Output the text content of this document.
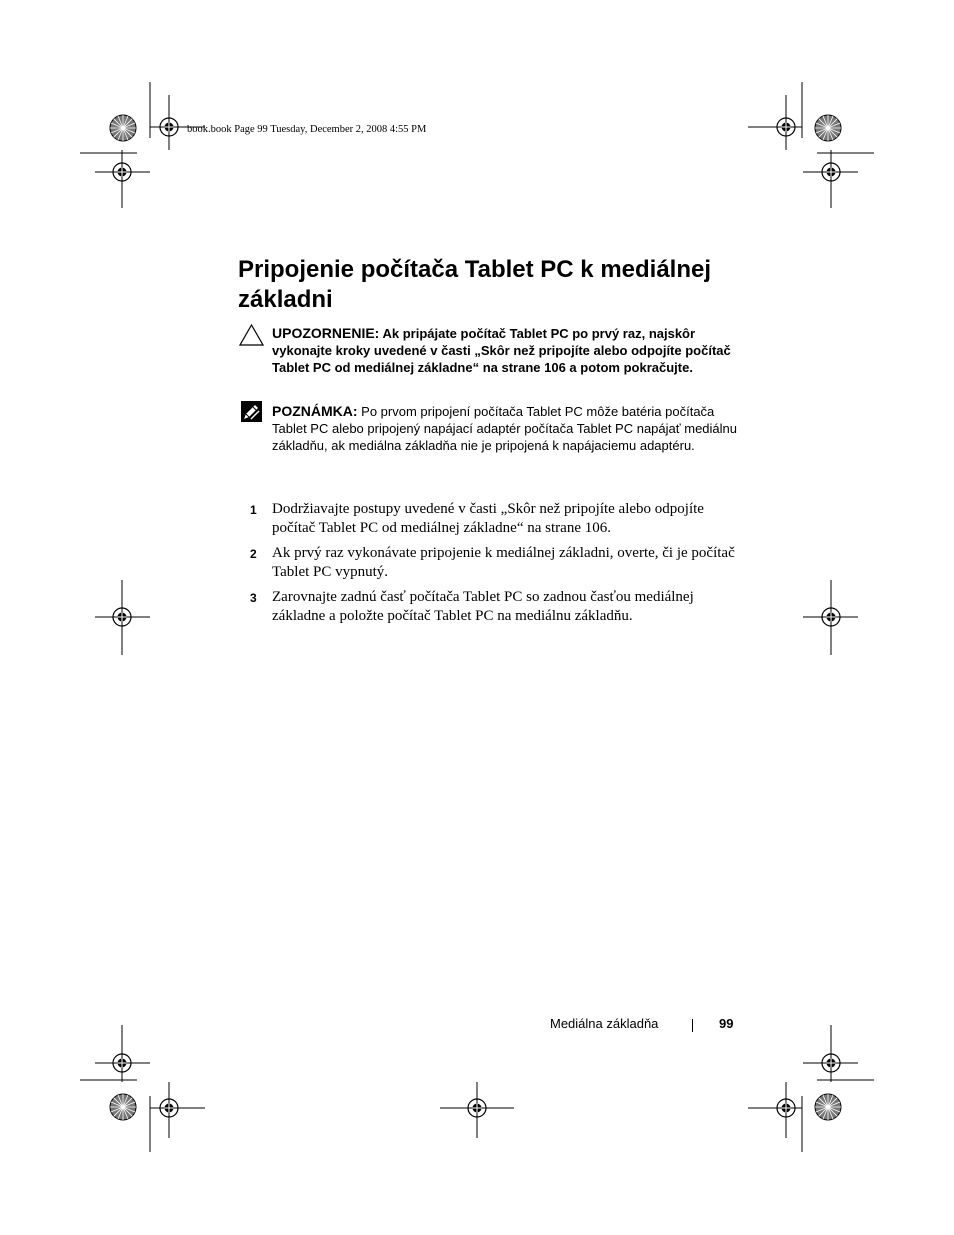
book.book Page 99 Tuesday, December 2, 2008 4:55 PM
Pripojenie počítača Tablet PC k mediálnej základni

UPOZORNENIE: Ak pripájate počítač Tablet PC po prvý raz, najskôr vykonajte kroky uvedené v časti „Skôr než pripojíte alebo odpojíte počítač Tablet PC od mediálnej základne“ na strane 106 a potom pokračujte.

POZNÁMKA: Po prvom pripojení počítača Tablet PC môže batéria počítača Tablet PC alebo pripojený napájací adaptér počítača Tablet PC napájať mediálnu základňu, ak mediálna základňa nie je pripojená k napájaciemu adaptéru.

1 Dodržiavajte postupy uvedené v časti „Skôr než pripojíte alebo odpojíte počítač Tablet PC od mediálnej základne“ na strane 106.
2 Ak prvý raz vykonávate pripojenie k mediálnej základni, overte, či je počítač Tablet PC vypnutý.
3 Zarovnajte zadnú časť počítača Tablet PC so zadnou časťou mediálnej základne a položte počítač Tablet PC na mediálnu základňu.
Mediálna základňa	99
